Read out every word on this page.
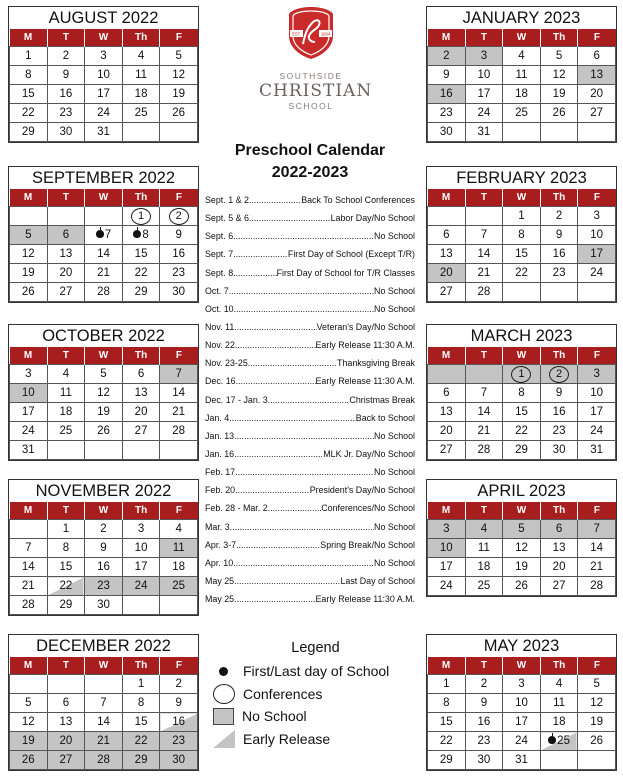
EST.	1994
SOUTHSIDE
CHRISTIAN
SCHOOL
Preschool Calendar
2022-2023
AUGUST 2022
M	T	W	Th	F
1	2	3	4	5
8	9	10	11	12
15	16	17	18	19
22	23	24	25	26
29	30	31		
SEPTEMBER 2022
M	T	W	Th	F
			1	2
5	6	7	8	9
12	13	14	15	16
19	20	21	22	23
26	27	28	29	30
OCTOBER 2022
M	T	W	Th	F
3	4	5	6	7
10	11	12	13	14
17	18	19	20	21
24	25	26	27	28
31				
NOVEMBER 2022
M	T	W	Th	F
	1	2	3	4
7	8	9	10	11
14	15	16	17	18
21	22	23	24	25
28	29	30		
DECEMBER 2022
M	T	W	Th	F
			1	2
5	6	7	8	9
12	13	14	15	16
19	20	21	22	23
26	27	28	29	30
JANUARY 2023
M	T	W	Th	F
2	3	4	5	6
9	10	11	12	13
16	17	18	19	20
23	24	25	26	27
30	31			
FEBRUARY 2023
M	T	W	Th	F
		1	2	3
6	7	8	9	10
13	14	15	16	17
20	21	22	23	24
27	28			
MARCH 2023
M	T	W	Th	F
		1	2	3
6	7	8	9	10
13	14	15	16	17
20	21	22	23	24
27	28	29	30	31
APRIL 2023
M	T	W	Th	F
3	4	5	6	7
10	11	12	13	14
17	18	19	20	21
24	25	26	27	28
MAY 2023
M	T	W	Th	F
1	2	3	4	5
8	9	10	11	12
15	16	17	18	19
22	23	24	25	26
29	30	31		
Sept. 1 & 2 .....	Back To School Conferences
Sept. 5 & 6 .....	Labor Day/No School
Sept. 6 .....	No School
Sept. 7 .....	First Day of School (Except T/R)
Sept. 8 .....	First Day of School for T/R Classes
Oct. 7 .....	No School
Oct. 10 .....	No School
Nov. 11 .....	Veteran's Day/No School
Nov. 22 .....	Early Release 11:30 A.M.
Nov. 23-25 .....	Thanksgiving Break
Dec. 16 .....	Early Release 11:30 A.M.
Dec. 17 - Jan. 3 .....	Christmas Break
Jan. 4 .....	Back to School
Jan. 13 .....	No School
Jan. 16 .....	MLK Jr. Day/No School
Feb. 17 .....	No School
Feb. 20 .....	President's Day/No School
Feb. 28 - Mar. 2 .....	Conferences/No School
Mar. 3 .....	No School
Apr. 3-7 .....	Spring Break/No School
Apr. 10 .....	No School
May 25 .....	Last Day of School
May 25 .....	Early Release 11:30 A.M.
Legend
First/Last day of School
Conferences
No School
Early Release
